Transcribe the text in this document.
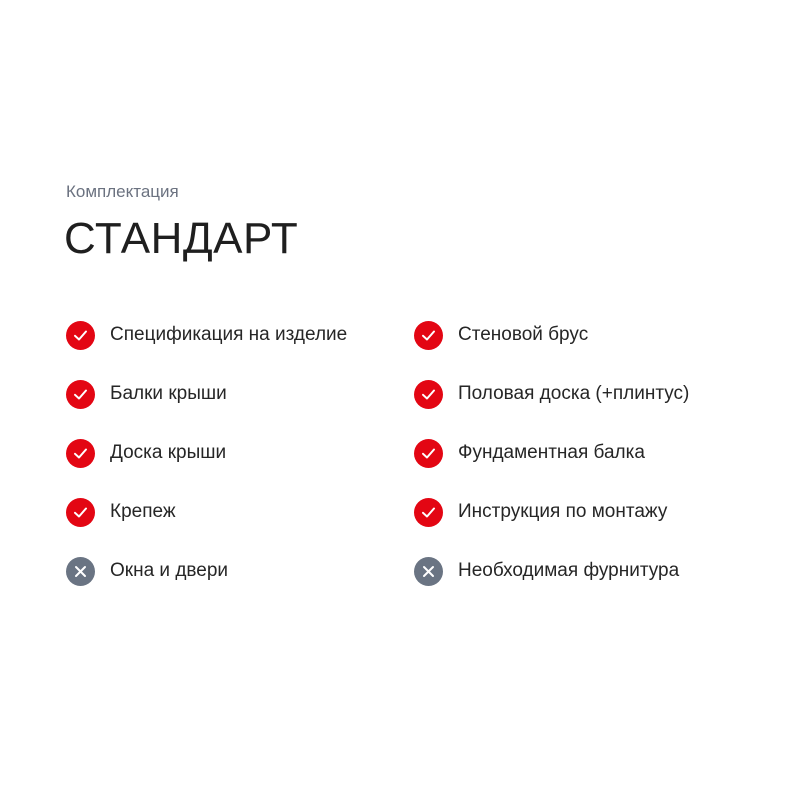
Комплектация

СТАНДАРТ
Спецификация на изделие	Стеновой брус
Балки крыши	Половая доска (+плинтус)
Доска крыши	Фундаментная балка
Крепеж	Инструкция по монтажу
Окна и двери	Необходимая фурнитура
